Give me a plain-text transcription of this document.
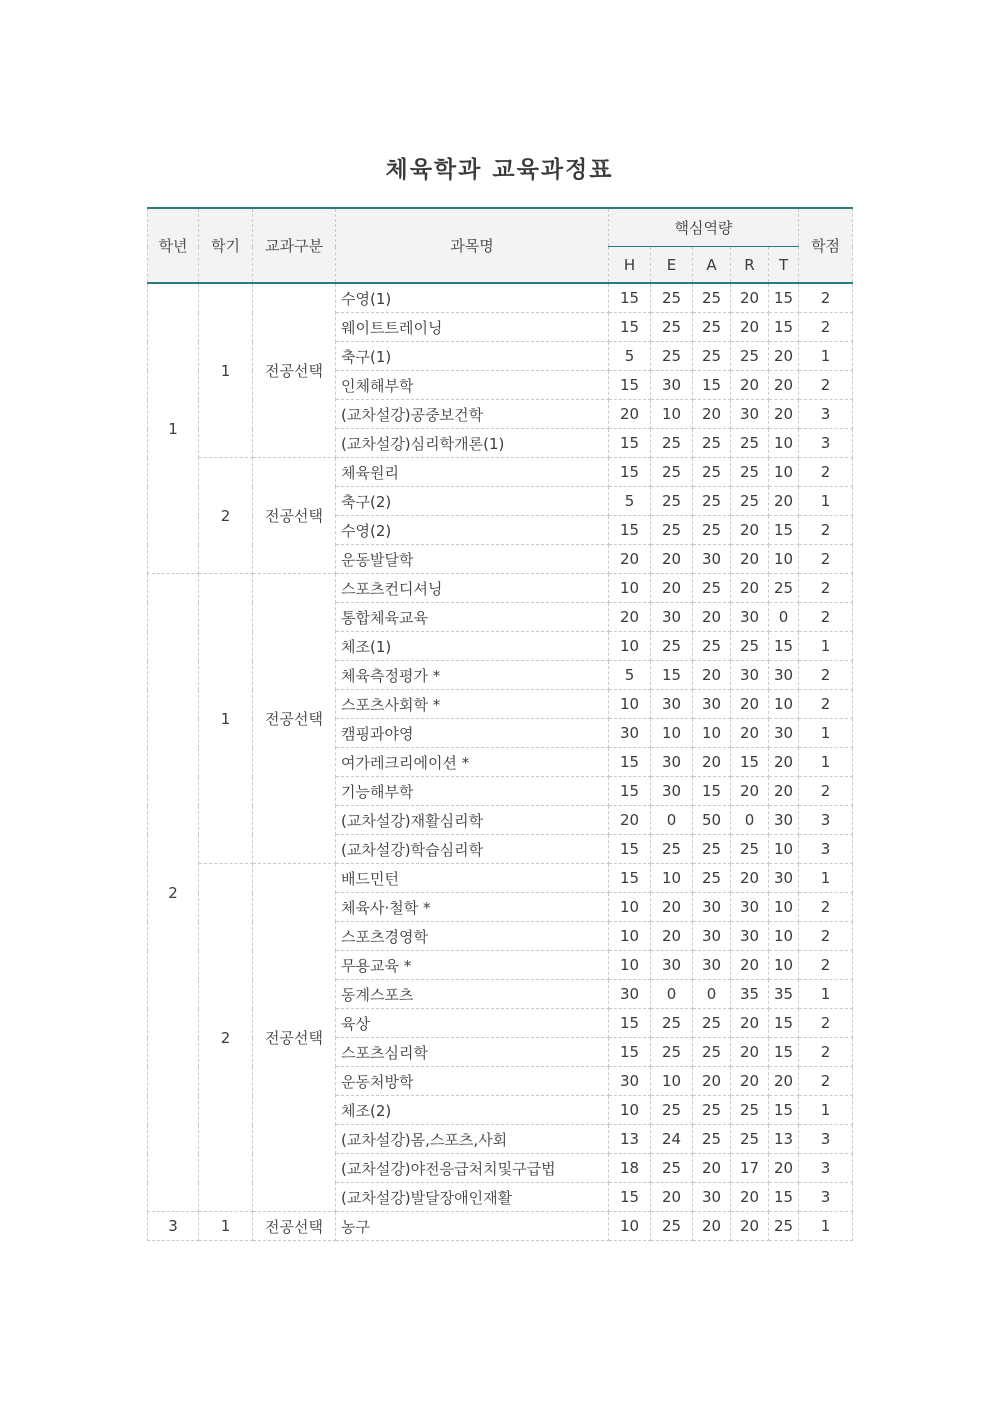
체육학과 교육과정표
학년	학기	교과구분	과목명	핵심역량					학점
				H	E	A	R	T	
1	1	전공선택	수영(1)	15	25	25	20	15	2
			웨이트트레이닝	15	25	25	20	15	2
			축구(1)	5	25	25	25	20	1
			인체해부학	15	30	15	20	20	2
			(교차설강)공중보건학	20	10	20	30	20	3
			(교차설강)심리학개론(1)	15	25	25	25	10	3
	2	전공선택	체육원리	15	25	25	25	10	2
			축구(2)	5	25	25	25	20	1
			수영(2)	15	25	25	20	15	2
			운동발달학	20	20	30	20	10	2
2	1	전공선택	스포츠컨디셔닝	10	20	25	20	25	2
			통합체육교육	20	30	20	30	0	2
			체조(1)	10	25	25	25	15	1
			체육측정평가 *	5	15	20	30	30	2
			스포츠사회학 *	10	30	30	20	10	2
			캠핑과야영	30	10	10	20	30	1
			여가레크리에이션 *	15	30	20	15	20	1
			기능해부학	15	30	15	20	20	2
			(교차설강)재활심리학	20	0	50	0	30	3
			(교차설강)학습심리학	15	25	25	25	10	3
	2	전공선택	배드민턴	15	10	25	20	30	1
			체육사·철학 *	10	20	30	30	10	2
			스포츠경영학	10	20	30	30	10	2
			무용교육 *	10	30	30	20	10	2
			동계스포츠	30	0	0	35	35	1
			육상	15	25	25	20	15	2
			스포츠심리학	15	25	25	20	15	2
			운동처방학	30	10	20	20	20	2
			체조(2)	10	25	25	25	15	1
			(교차설강)몸,스포츠,사회	13	24	25	25	13	3
			(교차설강)야전응급처치및구급법	18	25	20	17	20	3
			(교차설강)발달장애인재활	15	20	30	20	15	3
3	1	전공선택	농구	10	25	20	20	25	1
